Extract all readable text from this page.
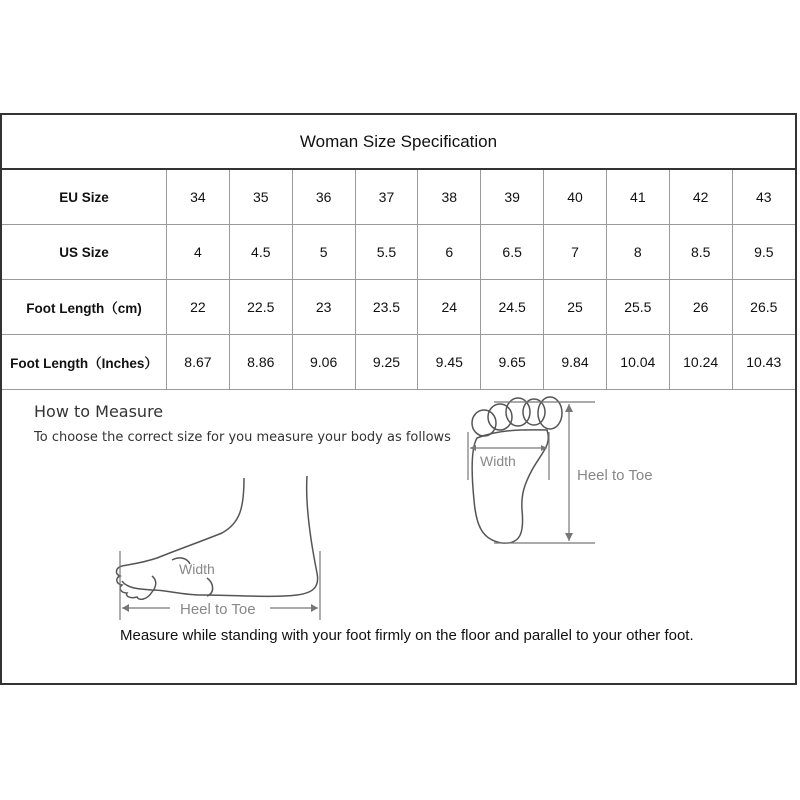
Woman Size Specification
EU Size	34	35	36	37	38	39	40	41	42	43
US Size	4	4.5	5	5.5	6	6.5	7	8	8.5	9.5
Foot Length（cm)	22	22.5	23	23.5	24	24.5	25	25.5	26	26.5
Foot Length（Inches）	8.67	8.86	9.06	9.25	9.45	9.65	9.84	10.04	10.24	10.43
How to Measure
To choose the correct size for you measure your body as follows
Width
Heel to Toe
Width
Heel to Toe
Measure while standing with your foot firmly on the floor and parallel to your other foot.
